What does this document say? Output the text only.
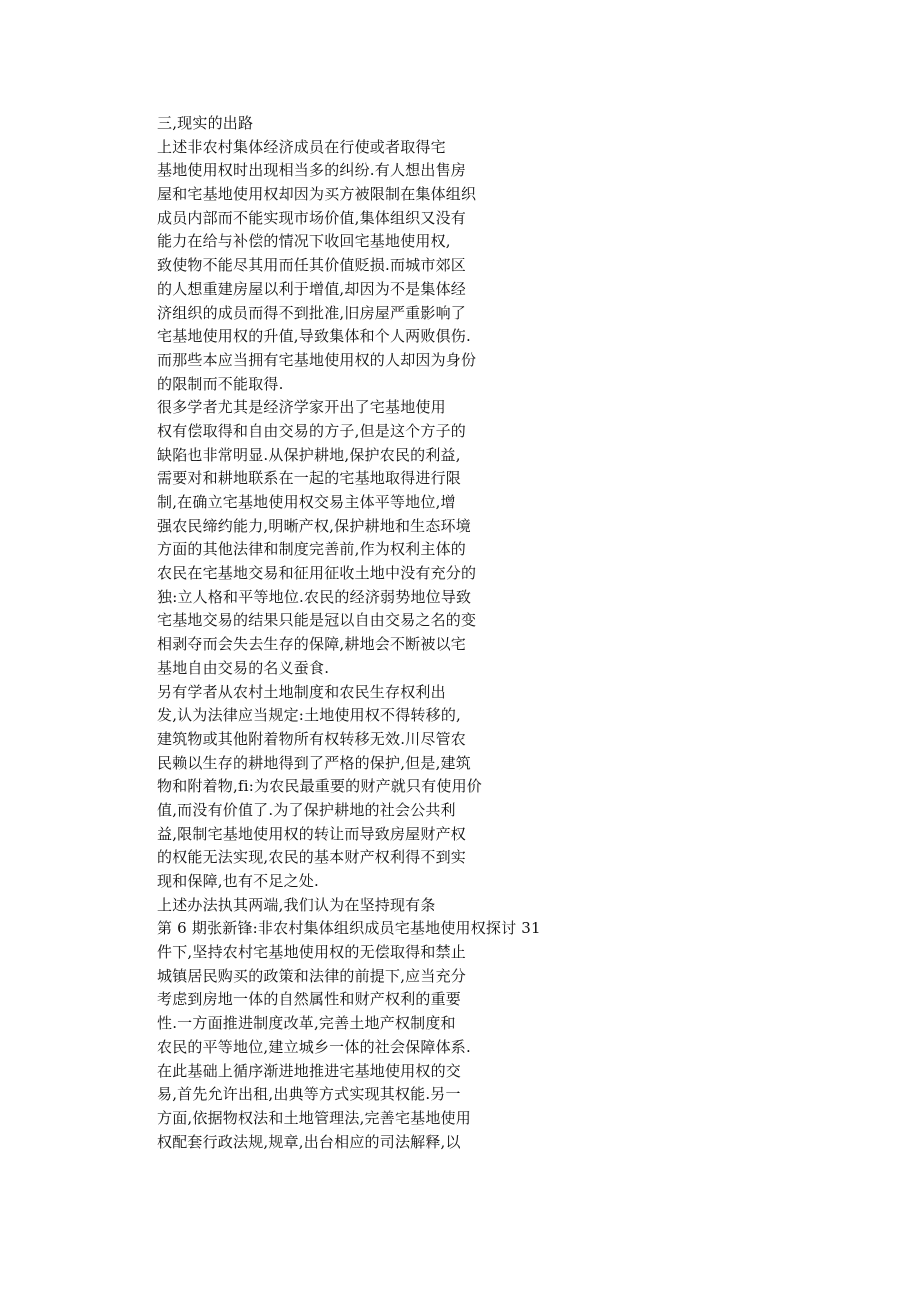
三,现实的出路
上述非农村集体经济成员在行使或者取得宅
基地使用权时出现相当多的纠纷.有人想出售房
屋和宅基地使用权却因为买方被限制在集体组织
成员内部而不能实现市场价值,集体组织又没有
能力在给与补偿的情况下收回宅基地使用权,
致使物不能尽其用而任其价值贬损.而城市郊区
的人想重建房屋以利于增值,却因为不是集体经
济组织的成员而得不到批准,旧房屋严重影响了
宅基地使用权的升值,导致集体和个人两败俱伤.
而那些本应当拥有宅基地使用权的人却因为身份
的限制而不能取得.
很多学者尤其是经济学家开出了宅基地使用
权有偿取得和自由交易的方子,但是这个方子的
缺陷也非常明显.从保护耕地,保护农民的利益,
需要对和耕地联系在一起的宅基地取得进行限
制,在确立宅基地使用权交易主体平等地位,增
强农民缔约能力,明晰产权,保护耕地和生态环境
方面的其他法律和制度完善前,作为权利主体的
农民在宅基地交易和征用征收土地中没有充分的
独:立人格和平等地位.农民的经济弱势地位导致
宅基地交易的结果只能是冠以自由交易之名的变
相剥夺而会失去生存的保障,耕地会不断被以宅
基地自由交易的名义蚕食.
另有学者从农村土地制度和农民生存权利出
发,认为法律应当规定:土地使用权不得转移的,
建筑物或其他附着物所有权转移无效.川尽管农
民赖以生存的耕地得到了严格的保护,但是,建筑
物和附着物,fi:为农民最重要的财产就只有使用价
值,而没有价值了.为了保护耕地的社会公共利
益,限制宅基地使用权的转让而导致房屋财产权
的权能无法实现,农民的基本财产权利得不到实
现和保障,也有不足之处.
上述办法执其两端,我们认为在坚持现有条
第 6 期张新锋:非农村集体组织成员宅基地使用权探讨 31
件下,坚持农村宅基地使用权的无偿取得和禁止
城镇居民购买的政策和法律的前提下,应当充分
考虑到房地一体的自然属性和财产权利的重要
性.一方面推进制度改革,完善土地产权制度和
农民的平等地位,建立城乡一体的社会保障体系.
在此基础上循序渐进地推进宅基地使用权的交
易,首先允许出租,出典等方式实现其权能.另一
方面,依据物权法和土地管理法,完善宅基地使用
权配套行政法规,规章,出台相应的司法解释,以
